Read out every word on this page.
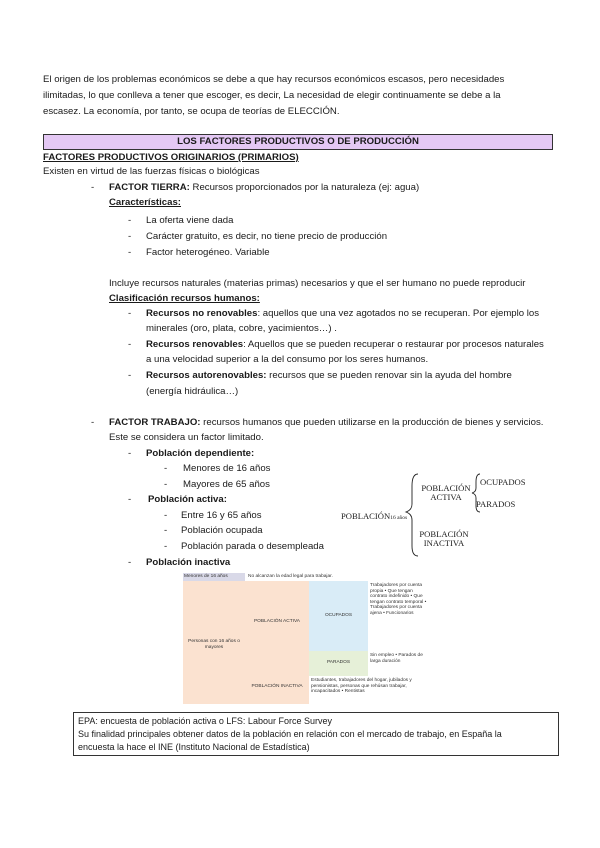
El origen de los problemas económicos se debe a que hay recursos económicos escasos, pero necesidades
ilimitadas, lo que conlleva a tener que escoger, es decir, La necesidad de elegir continuamente se debe a la
escasez. La economía, por tanto, se ocupa de teorías de ELECCIÓN.
LOS FACTORES PRODUCTIVOS O DE PRODUCCIÓN
FACTORES PRODUCTIVOS ORIGINARIOS (PRIMARIOS)
Existen en virtud de las fuerzas físicas o biológicas
- FACTOR TIERRA: Recursos proporcionados por la naturaleza (ej: agua)
Características:
- La oferta viene dada
- Carácter gratuito, es decir, no tiene precio de producción
- Factor heterogéneo. Variable
Incluye recursos naturales (materias primas) necesarios y que el ser humano no puede reproducir
Clasificación recursos humanos:
- Recursos no renovables: aquellos que una vez agotados no se recuperan. Por ejemplo los
minerales (oro, plata, cobre, yacimientos…) .
- Recursos renovables: Aquellos que se pueden recuperar o restaurar por procesos naturales
a una velocidad superior a la del consumo por los seres humanos.
- Recursos autorenovables: recursos que se pueden renovar sin la ayuda del hombre
(energía hidráulica…)
- FACTOR TRABAJO: recursos humanos que pueden utilizarse en la producción de bienes y servicios.
Este se considera un factor limitado.
- Población dependiente:
- Menores de 16 años
- Mayores de 65 años
- Población activa:
- Entre 16 y 65 años
- Población ocupada
- Población parada o desempleada
- Población inactiva
POBLACIÓN16 años
POBLACIÓN ACTIVA
POBLACIÓN INACTIVA
OCUPADOS
PARADOS
Menores de 16 años	No alcanzan la edad legal para trabajar.
Personas con 16 años o mayores
POBLACIÓN ACTIVA
OCUPADOS
Trabajadores por cuenta propia • Que tengan contrato indefinido • Que tengan contrato temporal • Trabajadores por cuenta ajena • Funcionarios
PARADOS
Sin empleo • Parados de larga duración
POBLACIÓN INACTIVA
Estudiantes, trabajadores del hogar, jubilados y pensionistas, personas que rehúsan trabajar, incapacitados • Rentistas
EPA: encuesta de población activa o LFS: Labour Force Survey
Su finalidad principales obtener datos de la población en relación con el mercado de trabajo, en España la
encuesta la hace el INE (Instituto Nacional de Estadística)
